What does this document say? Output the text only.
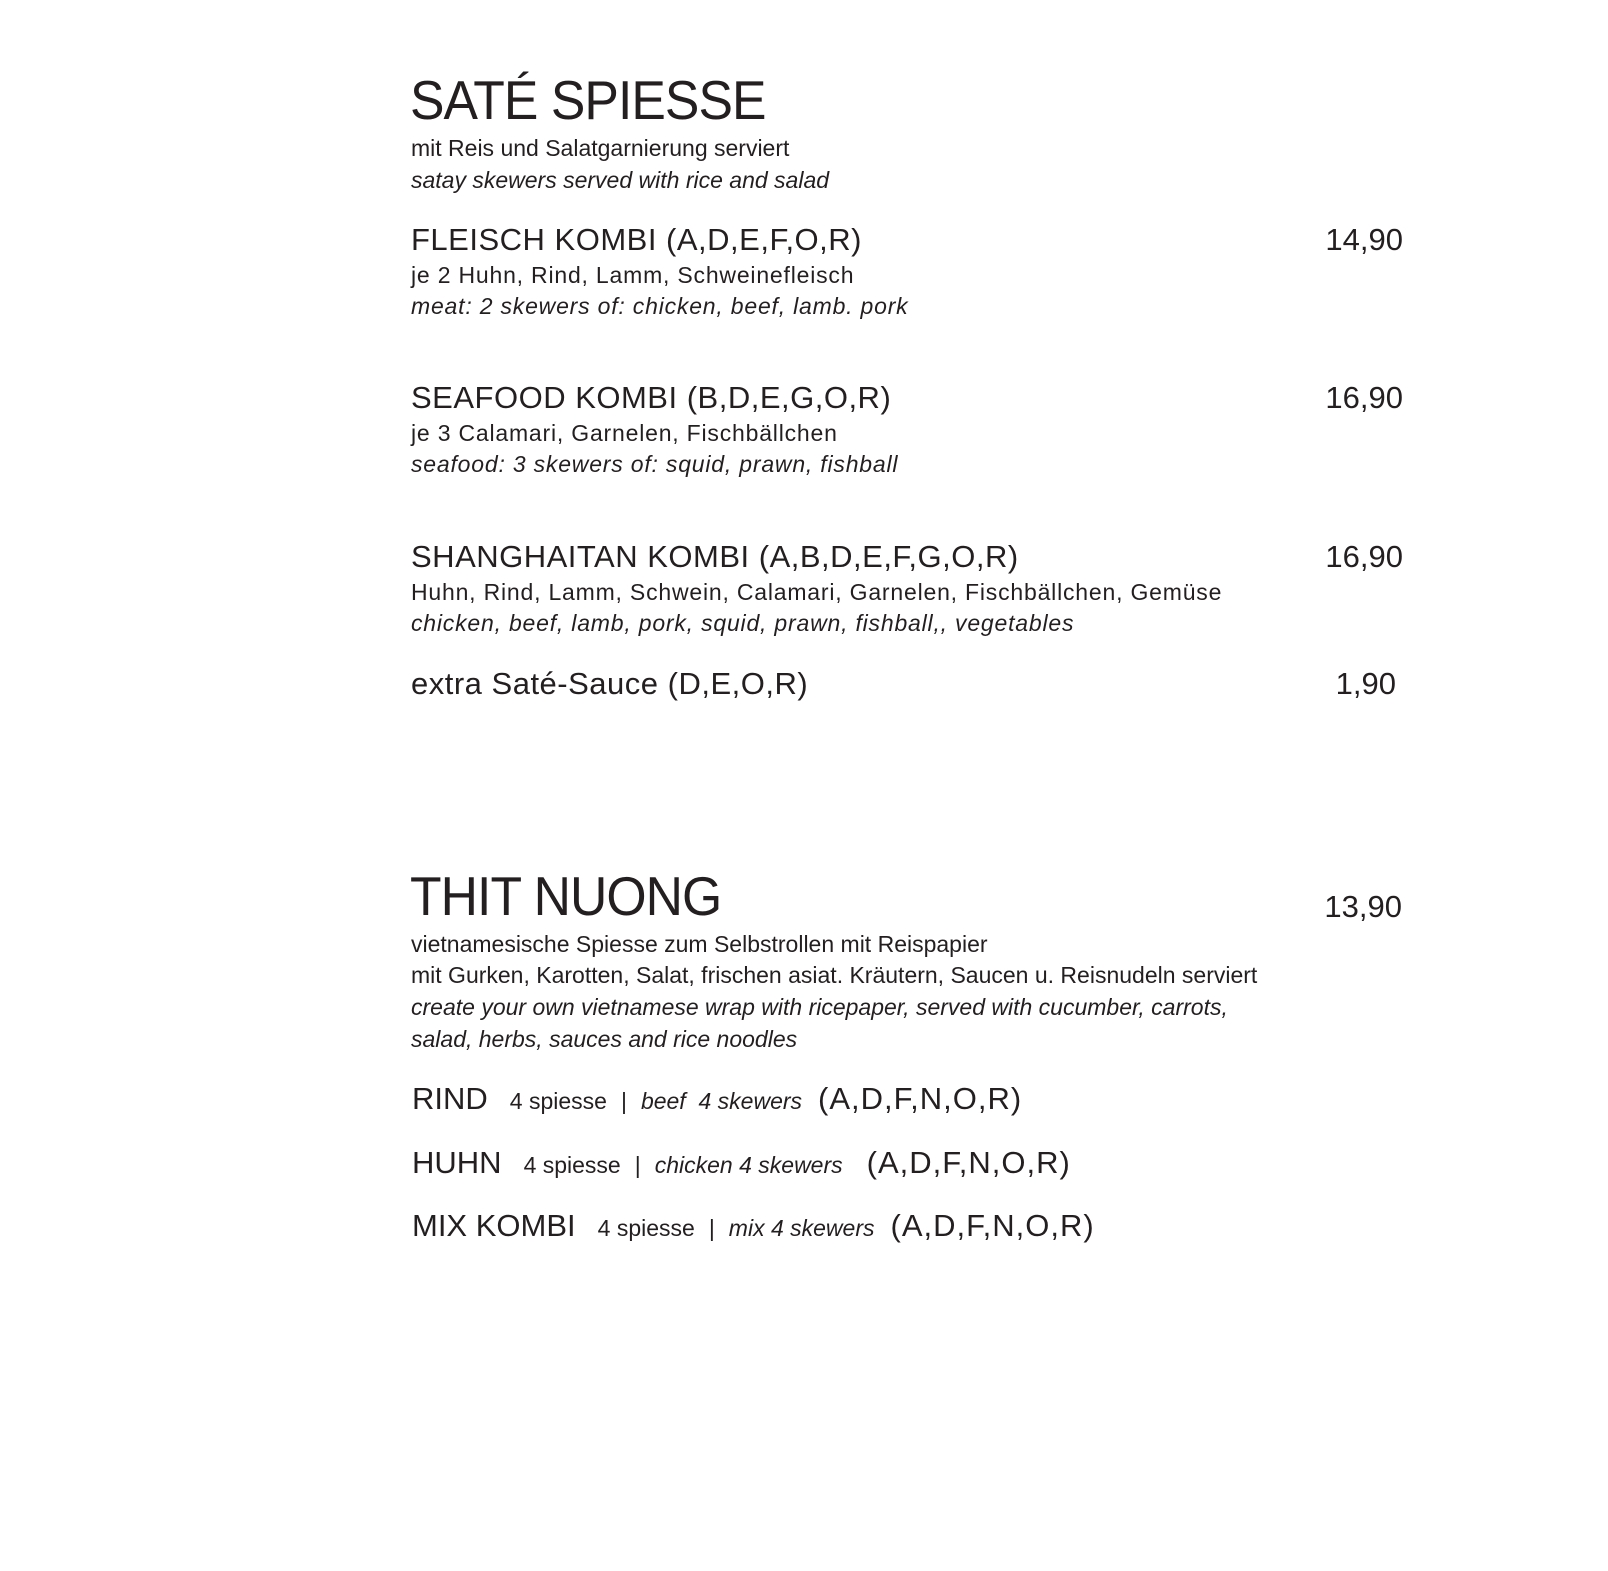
SATÉ SPIESSE
mit Reis und Salatgarnierung serviert
satay skewers served with rice and salad
FLEISCH KOMBI (A,D,E,F,O,R)	14,90
je 2 Huhn, Rind, Lamm, Schweinefleisch
meat: 2 skewers of: chicken, beef, lamb. pork
SEAFOOD KOMBI (B,D,E,G,O,R)	16,90
je 3 Calamari, Garnelen, Fischbällchen
seafood: 3 skewers of: squid, prawn, fishball
SHANGHAITAN KOMBI (A,B,D,E,F,G,O,R)	16,90
Huhn, Rind, Lamm, Schwein, Calamari, Garnelen, Fischbällchen, Gemüse
chicken, beef, lamb, pork, squid, prawn, fishball,, vegetables
extra Saté-Sauce (D,E,O,R)	1,90
THIT NUONG	13,90
vietnamesische Spiesse zum Selbstrollen mit Reispapier
mit Gurken, Karotten, Salat, frischen asiat. Kräutern, Saucen u. Reisnudeln serviert
create your own vietnamese wrap with ricepaper, served with cucumber, carrots,
salad, herbs, sauces and rice noodles
RIND 4 spiesse | beef  4 skewers (A,D,F,N,O,R)
HUHN 4 spiesse | chicken 4 skewers (A,D,F,N,O,R)
MIX KOMBI 4 spiesse | mix 4 skewers (A,D,F,N,O,R)
